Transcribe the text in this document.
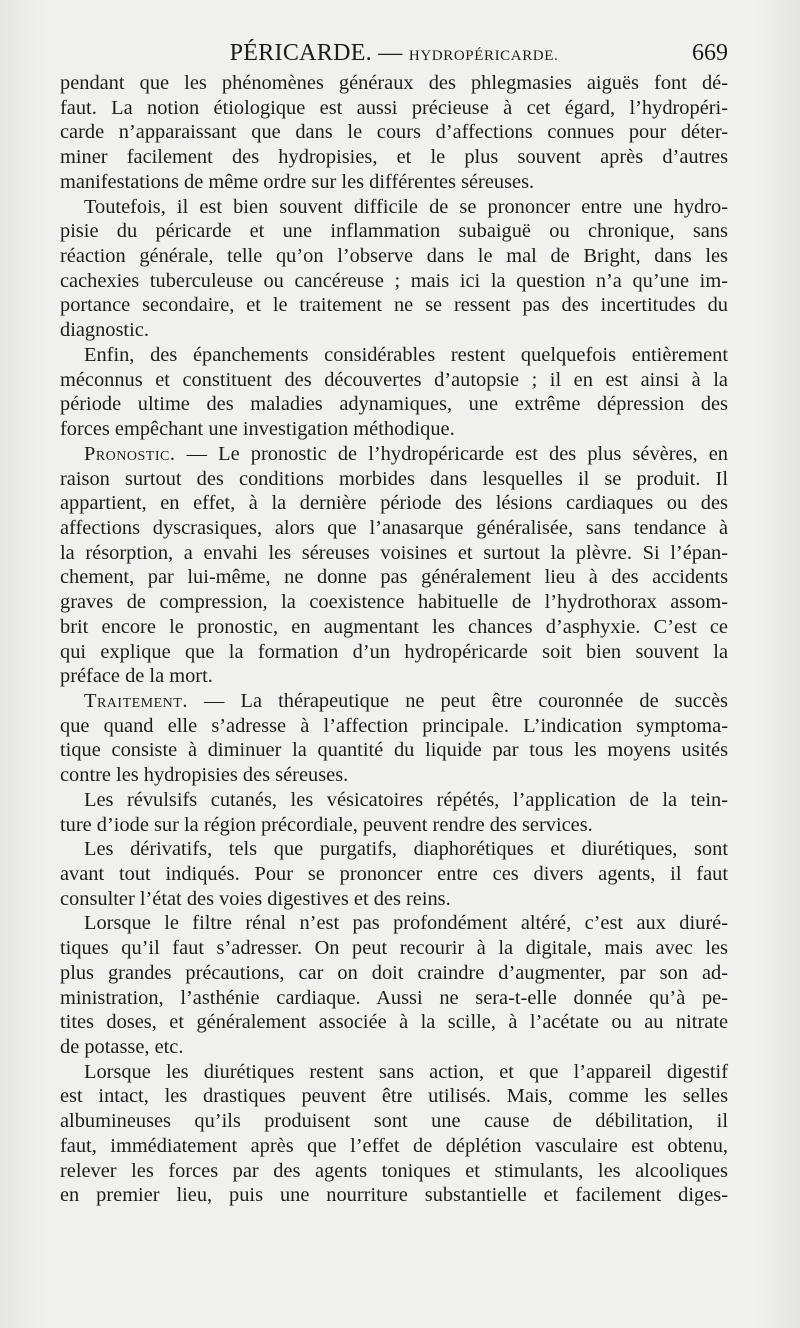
PÉRICARDE. — HYDROPÉRICARDE.	669
pendant que les phénomènes généraux des phlegmasies aiguës font dé-
faut. La notion étiologique est aussi précieuse à cet égard, l’hydropéri-
carde n’apparaissant que dans le cours d’affections connues pour déter-
miner facilement des hydropisies, et le plus souvent après d’autres
manifestations de même ordre sur les différentes séreuses.
Toutefois, il est bien souvent difficile de se prononcer entre une hydro-
pisie du péricarde et une inflammation subaiguë ou chronique, sans
réaction générale, telle qu’on l’observe dans le mal de Bright, dans les
cachexies tuberculeuse ou cancéreuse ; mais ici la question n’a qu’une im-
portance secondaire, et le traitement ne se ressent pas des incertitudes du
diagnostic.
Enfin, des épanchements considérables restent quelquefois entièrement
méconnus et constituent des découvertes d’autopsie ; il en est ainsi à la
période ultime des maladies adynamiques, une extrême dépression des
forces empêchant une investigation méthodique.
Pronostic. — Le pronostic de l’hydropéricarde est des plus sévères, en
raison surtout des conditions morbides dans lesquelles il se produit. Il
appartient, en effet, à la dernière période des lésions cardiaques ou des
affections dyscrasiques, alors que l’anasarque généralisée, sans tendance à
la résorption, a envahi les séreuses voisines et surtout la plèvre. Si l’épan-
chement, par lui-même, ne donne pas généralement lieu à des accidents
graves de compression, la coexistence habituelle de l’hydrothorax assom-
brit encore le pronostic, en augmentant les chances d’asphyxie. C’est ce
qui explique que la formation d’un hydropéricarde soit bien souvent la
préface de la mort.
Traitement. — La thérapeutique ne peut être couronnée de succès
que quand elle s’adresse à l’affection principale. L’indication symptoma-
tique consiste à diminuer la quantité du liquide par tous les moyens usités
contre les hydropisies des séreuses.
Les révulsifs cutanés, les vésicatoires répétés, l’application de la tein-
ture d’iode sur la région précordiale, peuvent rendre des services.
Les dérivatifs, tels que purgatifs, diaphorétiques et diurétiques, sont
avant tout indiqués. Pour se prononcer entre ces divers agents, il faut
consulter l’état des voies digestives et des reins.
Lorsque le filtre rénal n’est pas profondément altéré, c’est aux diuré-
tiques qu’il faut s’adresser. On peut recourir à la digitale, mais avec les
plus grandes précautions, car on doit craindre d’augmenter, par son ad-
ministration, l’asthénie cardiaque. Aussi ne sera-t-elle donnée qu’à pe-
tites doses, et généralement associée à la scille, à l’acétate ou au nitrate
de potasse, etc.
Lorsque les diurétiques restent sans action, et que l’appareil digestif
est intact, les drastiques peuvent être utilisés. Mais, comme les selles
albumineuses qu’ils produisent sont une cause de débilitation, il
faut, immédiatement après que l’effet de déplétion vasculaire est obtenu,
relever les forces par des agents toniques et stimulants, les alcooliques
en premier lieu, puis une nourriture substantielle et facilement diges-
